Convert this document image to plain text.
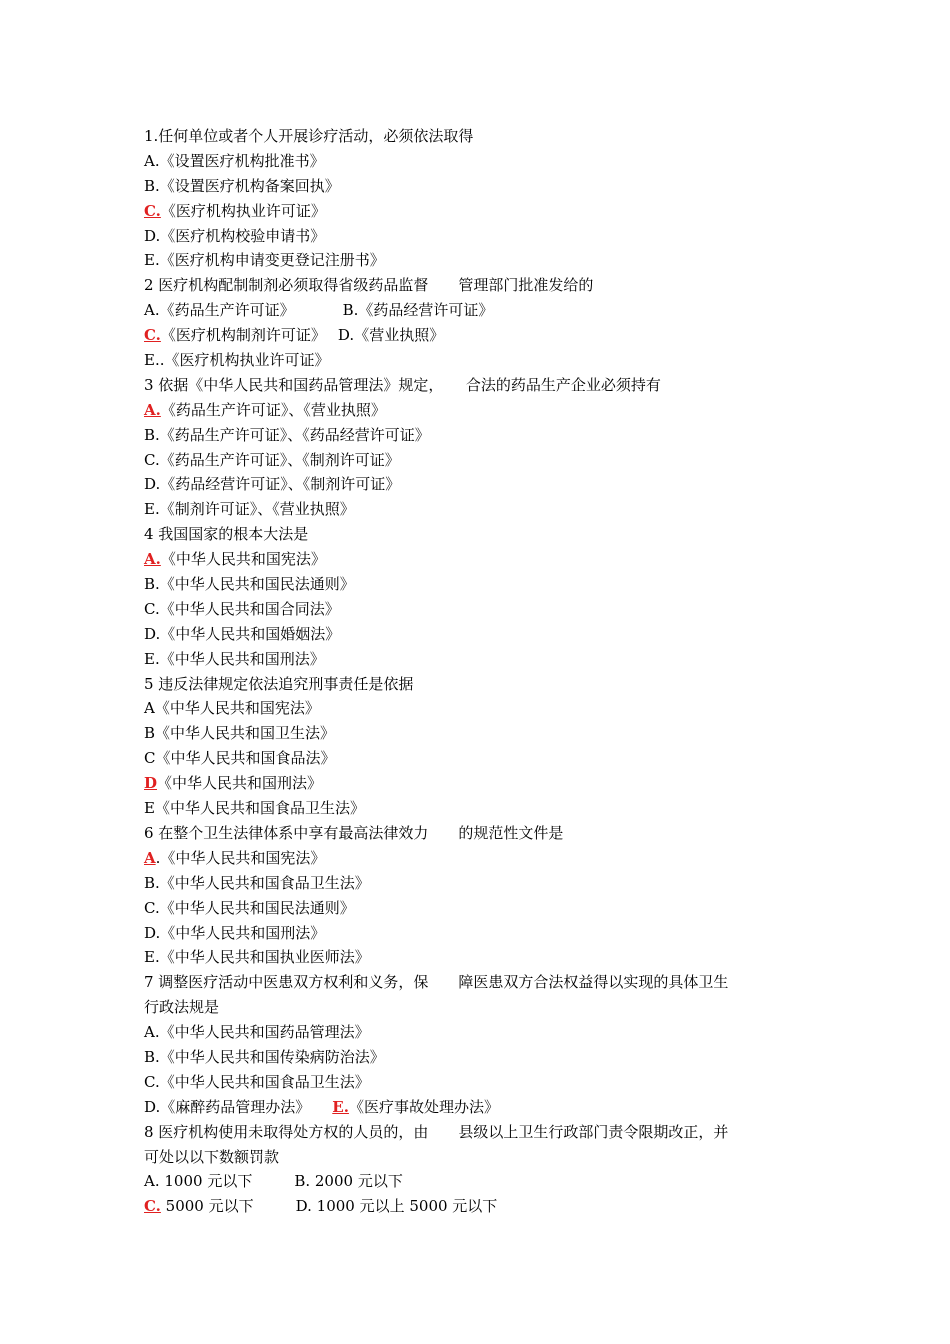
1.任何单位或者个人开展诊疗活动，必须依法取得
A.《设置医疗机构批准书》
B.《设置医疗机构备案回执》
C.《医疗机构执业许可证》
D.《医疗机构校验申请书》
E.《医疗机构申请变更登记注册书》
2 医疗机构配制制剂必须取得省级药品监督　　管理部门批准发给的
A.《药品生产许可证》	B.《药品经营许可证》
C.《医疗机构制剂许可证》 D.《营业执照》
E..《医疗机构执业许可证》
3 依据《中华人民共和国药品管理法》规定，　　合法的药品生产企业必须持有
A.《药品生产许可证》、《营业执照》
B.《药品生产许可证》、《药品经营许可证》
C.《药品生产许可证》、《制剂许可证》
D.《药品经营许可证》、《制剂许可证》
E.《制剂许可证》、《营业执照》
4 我国国家的根本大法是
A.《中华人民共和国宪法》
B.《中华人民共和国民法通则》
C.《中华人民共和国合同法》
D.《中华人民共和国婚姻法》
E.《中华人民共和国刑法》
5 违反法律规定依法追究刑事责任是依据
A《中华人民共和国宪法》
B《中华人民共和国卫生法》
C《中华人民共和国食品法》
D《中华人民共和国刑法》
E《中华人民共和国食品卫生法》
6 在整个卫生法律体系中享有最高法律效力　　的规范性文件是
A.《中华人民共和国宪法》
B.《中华人民共和国食品卫生法》
C.《中华人民共和国民法通则》
D.《中华人民共和国刑法》
E.《中华人民共和国执业医师法》
7 调整医疗活动中医患双方权利和义务，保　　障医患双方合法权益得以实现的具体卫生
行政法规是
A.《中华人民共和国药品管理法》
B.《中华人民共和国传染病防治法》
C.《中华人民共和国食品卫生法》
D.《麻醉药品管理办法》 E.《医疗事故处理办法》
8 医疗机构使用未取得处方权的人员的，由　　县级以上卫生行政部门责令限期改正，并
可处以以下数额罚款
A. 1000 元以下	B. 2000 元以下
C. 5000 元以下	D. 1000 元以上 5000 元以下
